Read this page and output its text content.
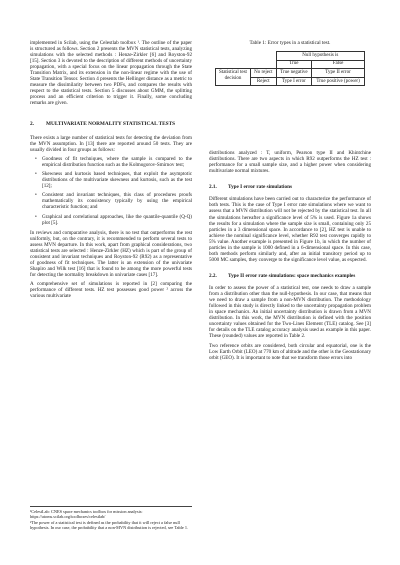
implemented in Scilab, using the Celestlab toolbox ¹. The outline of the paper is structured as follows. Section 2 presents the MVN statistical tests, analyzing simulations with the selected methods : Henze-Zirkler [6] and Royston-92 [15]. Section 3 is devoted to the description of different methods of uncertainty propagation, with a special focus on the linear propagation through the State Transition Matrix, and its extension in the non-linear regime with the use of State Transition Tensor. Section 4 presents the Hellinger distance as a metric to measure the dissimilarity between two PDFs, and compares the results with respect to the statistical tests. Section 5 discusses about GMM, the splitting process and an efficient criterion to trigger it. Finally, some concluding remarks are given.

2.	MULTIVARIATE NORMALITY STATISTICAL TESTS

There exists a large number of statistical tests for detecting the deviation from the MVN assumption. In [13] there are reported around 50 tests. They are usually divided in four groups as follows:

• Goodness of fit techniques, where the sample is compared to the empirical distribution function such as the Kolmogorov-Smirnov test;
• Skewness and kurtosis based techniques, that exploit the asymptotic distributions of the multivariate skewness and kurtosis, such as the test [12];
• Consistent and invariant techniques, this class of procedures proofs mathematically its consistency typically by using the empirical characteristic function; and
• Graphical and correlational approaches, like the quantile-quantile (Q-Q) plot [5].

In reviews and comparative analysis, there is no test that outperforms the rest uniformly, but, on the contrary, it is recommended to perform several tests to assess MVN departure. In this work, apart from graphical considerations, two statistical tests are selected : Henze-Zirkler (HZ) which is part of the group of consistent and invariant techniques and Royston-92 (R92) as a representative of goodness of fit techniques. The latter is an extension of the univariate Shapiro and Wilk test [16] that is found to be among the more powerful tests for detecting the normality breakdown in univariate cases [17].

A comprehensive set of simulations is reported in [2] comparing the performance of different tests. HZ test possesses good power ² across the various multivariate

¹CelestLab: CNES space mechanics toolbox for mission analysis: https://atoms.scilab.org/toolboxes/celestlab/
²The power of a statistical test is defined as the probability that it will reject a false null hypothesis. In our case, the probability that a non-MVN distribution is rejected, see Table 1.
Table 1: Error types in a statistical test.
		Null hypothesis is	
		True	False
Statistical test decision	No reject	True negative	Type II error
	Reject	Type I error	True positive (power)

distributions analyzed : T, uniform, Pearson type II and Khintchine distributions. There are two aspects in which R92 outperforms the HZ test : performance for a small sample size, and a higher power when considering multivariate normal mixtures.

2.1.	Type I error rate simulations

Different simulations have been carried out to characterize the performance of both tests. This is the case of Type I error rate simulations where we want to assess that a MVN distribution will not be rejected by the statistical test. In all the simulations hereafter a significance level of 5% is used. Figure 1a shows the results for a simulation where the sample size is small, containing only 25 particles in a 3 dimensional space. In accordance to [2], HZ test is unable to achieve the nominal significance level, whether R92 test converges rapidly to 5% value. Another example is presented in Figure 1b, in which the number of particles in the sample is 1000 defined in a 6-dimensional space. In this case, both methods perform similarly and, after an initial transitory period up to 5000 MC samples, they converge to the significance level value, as expected.

2.2.	Type II error rate simulations: space mechanics examples

In order to assess the power of a statistical test, one needs to draw a sample from a distribution other than the null-hypothesis. In our case, that means that we need to draw a sample from a non-MVN distribution. The methodology followed in this study is directly linked to the uncertainty propagation problem in space mechanics. An initial uncertainty distribution is drawn from a MVN distribution. In this work, the MVN distribution is defined with the position uncertainty values obtained for the Two-Lines Element (TLE) catalog. See [3] for details on the TLE catalog accuracy analysis used as example in this paper. These (rounded) values are reported in Table 2.

Two reference orbits are considered, both circular and equatorial, one is the Low Earth Orbit (LEO) at 770 km of altitude and the other is the Geostationary orbit (GEO). It is important to note that we transform those errors into
